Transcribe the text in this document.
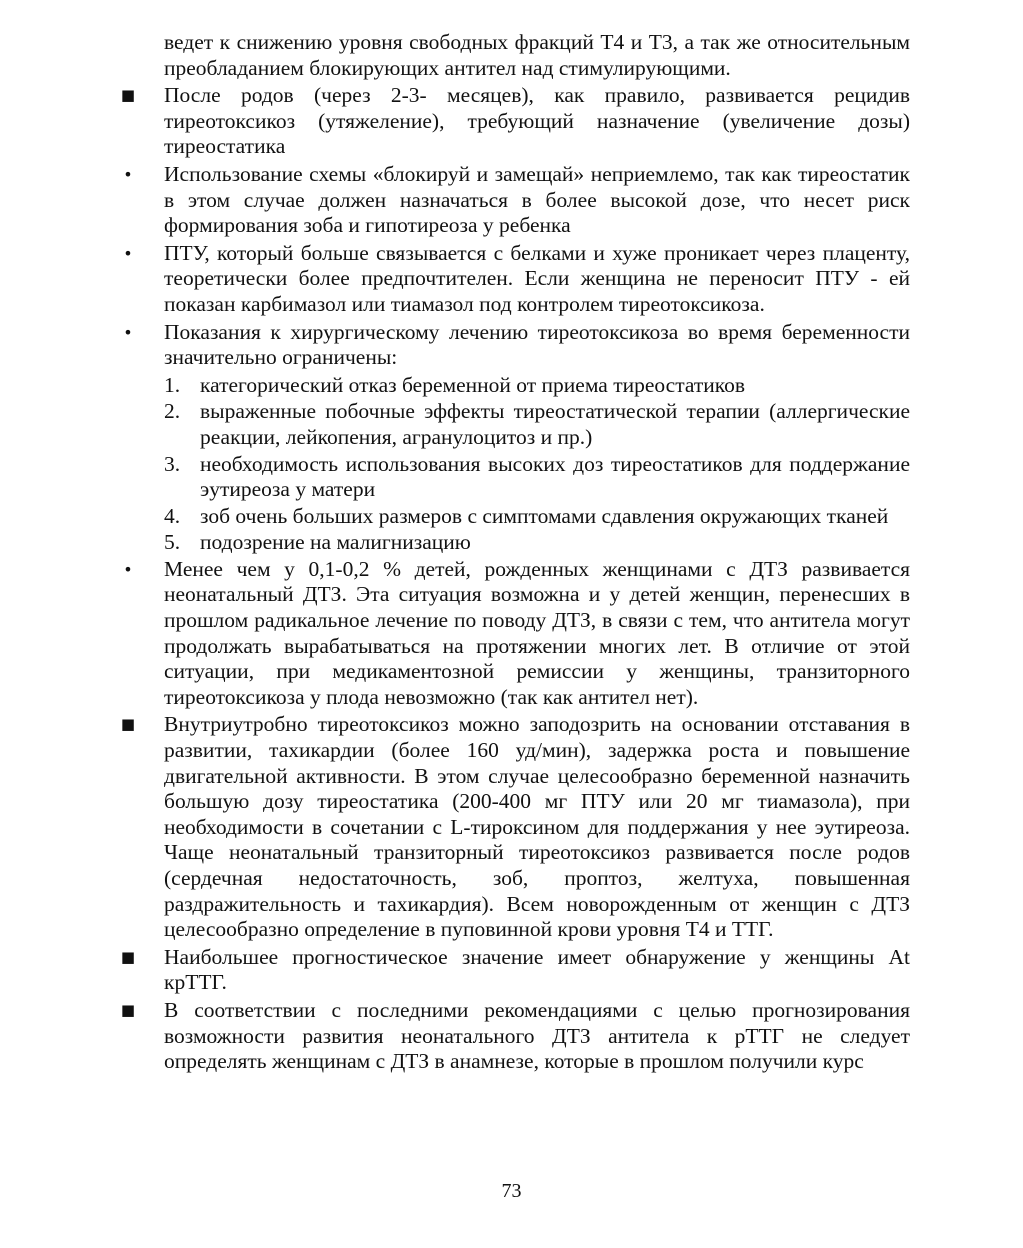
ведет к снижению уровня свободных фракций Т4 и Т3, а так же относительным преобладанием блокирующих антител над стимулирующими.

■ После родов (через 2-3- месяцев), как правило, развивается рецидив тиреотоксикоз (утяжеление), требующий назначение (увеличение дозы) тиреостатика
• Использование схемы «блокируй и замещай» неприемлемо, так как тиреостатик в этом случае должен назначаться в более высокой дозе, что несет риск формирования зоба и гипотиреоза у ребенка
• ПТУ, который больше связывается с белками и хуже проникает через плаценту, теоретически более предпочтителен. Если женщина не переносит ПТУ - ей показан карбимазол или тиамазол под контролем тиреотоксикоза.
• Показания к хирургическому лечению тиреотоксикоза во время беременности значительно ограничены:
1. категорический отказ беременной от приема тиреостатиков
2. выраженные побочные эффекты тиреостатической терапии (аллергические реакции, лейкопения, агранулоцитоз и пр.)
3. необходимость использования высоких доз тиреостатиков для поддержание эутиреоза у матери
4. зоб очень больших размеров с симптомами сдавления окружающих тканей
5. подозрение на малигнизацию
• Менее чем у 0,1-0,2 % детей, рожденных женщинами с ДТЗ развивается неонатальный ДТЗ. Эта ситуация возможна и у детей женщин, перенесших в прошлом радикальное лечение по поводу ДТЗ, в связи с тем, что антитела могут продолжать вырабатываться на протяжении многих лет. В отличие от этой ситуации, при медикаментозной ремиссии у женщины, транзиторного тиреотоксикоза у плода невозможно (так как антител нет).
■ Внутриутробно тиреотоксикоз можно заподозрить на основании отставания в развитии, тахикардии (более 160 уд/мин), задержка роста и повышение двигательной активности. В этом случае целесообразно беременной назначить большую дозу тиреостатика (200-400 мг ПТУ или 20 мг тиамазола), при необходимости в сочетании с L-тироксином для поддержания у нее эутиреоза. Чаще неонатальный транзиторный тиреотоксикоз развивается после родов (сердечная недостаточность, зоб, проптоз, желтуха, повышенная раздражительность и тахикардия). Всем новорожденным от женщин с ДТЗ целесообразно определение в пуповинной крови уровня Т4 и ТТГ.
■ Наибольшее прогностическое значение имеет обнаружение у женщины At крТТГ.
■ В соответствии с последними рекомендациями с целью прогнозирования возможности развития неонатального ДТЗ антитела к рТТГ не следует определять женщинам с ДТЗ в анамнезе, которые в прошлом получили курс
73
